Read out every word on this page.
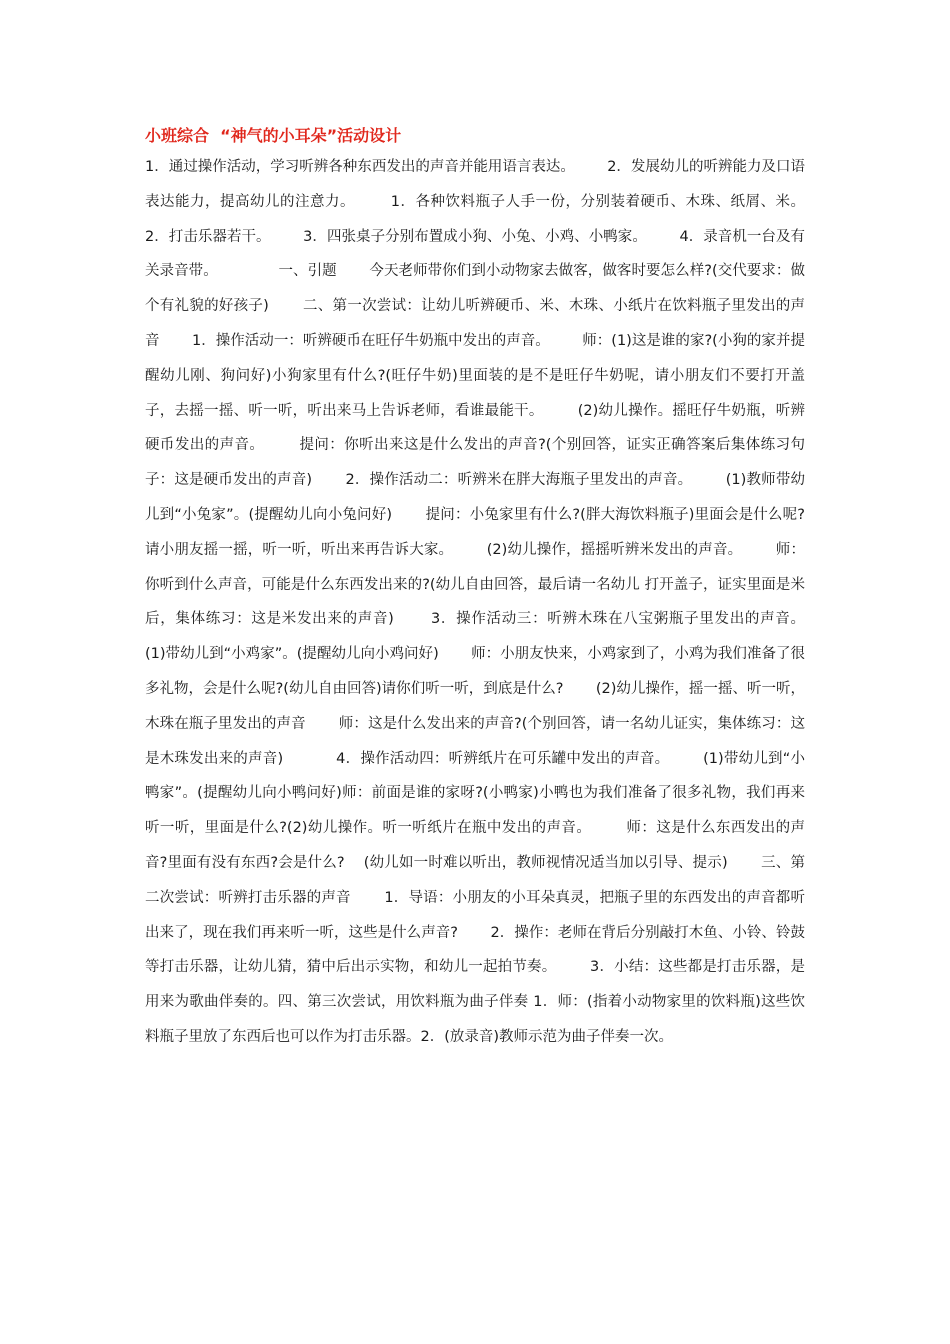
小班综合  “神气的小耳朵”活动设计

1．通过操作活动，学习听辨各种东西发出的声音并能用语言表达。       2．发展幼儿的听辨能力及口语表达能力，提高幼儿的注意力。       1．各种饮料瓶子人手一份，分别装着硬币、木珠、纸屑、米。       2．打击乐器若干。       3．四张桌子分别布置成小狗、小兔、小鸡、小鸭家。       4．录音机一台及有关录音带。             一、引题       今天老师带你们到小动物家去做客，做客时要怎么样?(交代要求：做个有礼貌的好孩子)       二、第一次尝试：让幼儿听辨硬币、米、木珠、小纸片在饮料瓶子里发出的声音       1．操作活动一：听辨硬币在旺仔牛奶瓶中发出的声音。       师：(1)这是谁的家?(小狗的家并提醒幼儿刚、狗问好)小狗家里有什么?(旺仔牛奶)里面装的是不是旺仔牛奶呢，请小朋友们不要打开盖子，去摇一摇、听一听，听出来马上告诉老师，看谁最能干。       (2)幼儿操作。摇旺仔牛奶瓶，听辨硬币发出的声音。       提问：你听出来这是什么发出的声音?(个别回答，证实正确答案后集体练习句子：这是硬币发出的声音)       2．操作活动二：听辨米在胖大海瓶子里发出的声音。       (1)教师带幼儿到“小兔家”。(提醒幼儿向小兔问好)       提问：小兔家里有什么?(胖大海饮料瓶子)里面会是什么呢?请小朋友摇一摇，听一听，听出来再告诉大家。       (2)幼儿操作，摇摇听辨米发出的声音。       师：你听到什么声音，可能是什么东西发出来的?(幼儿自由回答，最后请一名幼儿 打开盖子，证实里面是米后，集体练习：这是米发出来的声音)       3．操作活动三：听辨木珠在八宝粥瓶子里发出的声音。       (1)带幼儿到“小鸡家”。(提醒幼儿向小鸡问好)       师：小朋友快来，小鸡家到了，小鸡为我们准备了很多礼物，会是什么呢?(幼儿自由回答)请你们听一听，到底是什么?       (2)幼儿操作，摇一摇、听一听，木珠在瓶子里发出的声音       师：这是什么发出来的声音?(个别回答，请一名幼儿证实，集体练习：这是木珠发出来的声音)           4．操作活动四：听辨纸片在可乐罐中发出的声音。       (1)带幼儿到“小鸭家”。(提醒幼儿向小鸭问好)师：前面是谁的家呀?(小鸭家)小鸭也为我们准备了很多礼物，我们再来听一听，里面是什么?(2)幼儿操作。听一听纸片在瓶中发出的声音。       师：这是什么东西发出的声音?里面有没有东西?会是什么?    (幼儿如一时难以听出，教师视情况适当加以引导、提示)       三、第二次尝试：听辨打击乐器的声音       1．导语：小朋友的小耳朵真灵，把瓶子里的东西发出的声音都听出来了，现在我们再来听一听，这些是什么声音?       2．操作：老师在背后分别敲打木鱼、小铃、铃鼓等打击乐器，让幼儿猜，猜中后出示实物，和幼儿一起拍节奏。       3．小结：这些都是打击乐器，是用来为歌曲伴奏的。四、第三次尝试，用饮料瓶为曲子伴奏 1．师：(指着小动物家里的饮料瓶)这些饮料瓶子里放了东西后也可以作为打击乐器。2．(放录音)教师示范为曲子伴奏一次。
